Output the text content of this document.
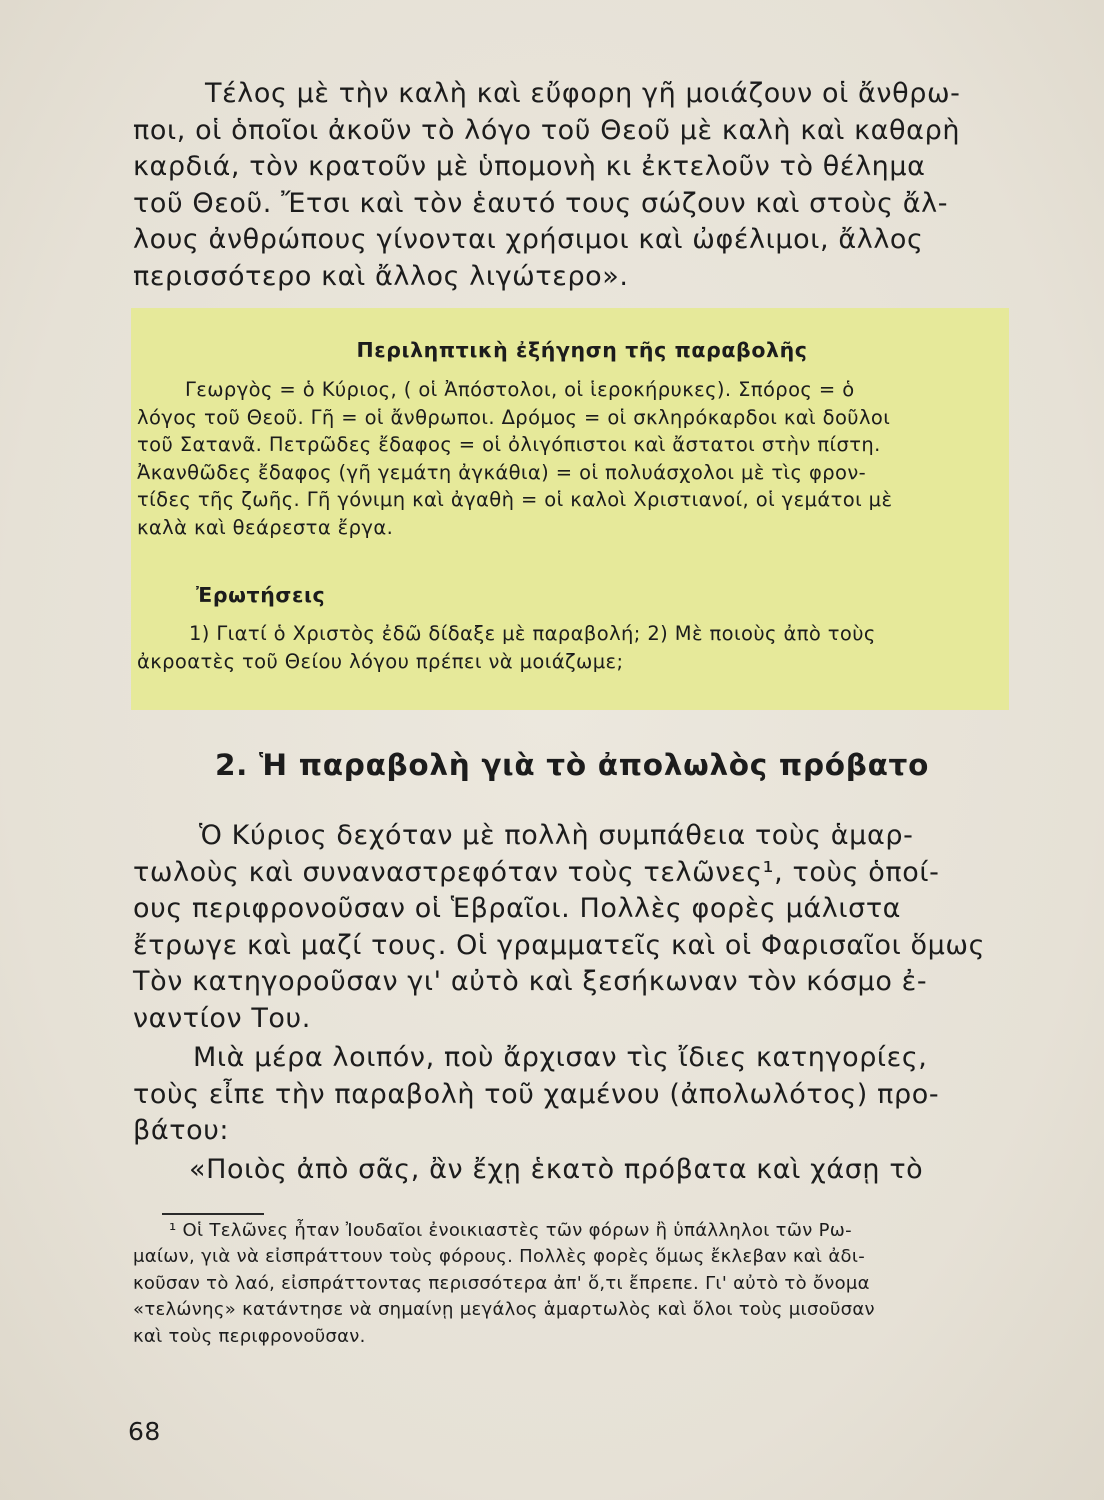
Τέλος μὲ τὴν καλὴ καὶ εὔφορη γῆ μοιάζουν οἱ ἄνθρω-
ποι, οἱ ὁποῖοι ἀκοῦν τὸ λόγο τοῦ Θεοῦ μὲ καλὴ καὶ καθαρὴ
καρδιά, τὸν κρατοῦν μὲ ὑπομονὴ κι ἐκτελοῦν τὸ θέλημα
τοῦ Θεοῦ. Ἔτσι καὶ τὸν ἑαυτό τους σώζουν καὶ στοὺς ἄλ-
λους ἀνθρώπους γίνονται χρήσιμοι καὶ ὠφέλιμοι, ἄλλος
περισσότερο καὶ ἄλλος λιγώτερο».
Περιληπτικὴ ἐξήγηση τῆς παραβολῆς
Γεωργὸς = ὁ Κύριος, ( οἱ Ἀπόστολοι, οἱ ἱεροκήρυκες). Σπόρος = ὁ
λόγος τοῦ Θεοῦ. Γῆ = οἱ ἄνθρωποι. Δρόμος = οἱ σκληρόκαρδοι καὶ δοῦλοι
τοῦ Σατανᾶ. Πετρῶδες ἔδαφος = οἱ ὀλιγόπιστοι καὶ ἄστατοι στὴν πίστη.
Ἀκανθῶδες ἔδαφος (γῆ γεμάτη ἀγκάθια) = οἱ πολυάσχολοι μὲ τὶς φρον-
τίδες τῆς ζωῆς. Γῆ γόνιμη καὶ ἀγαθὴ = οἱ καλοὶ Χριστιανοί, οἱ γεμάτοι μὲ
καλὰ καὶ θεάρεστα ἔργα.
Ἐρωτήσεις
1) Γιατί ὁ Χριστὸς ἐδῶ δίδαξε μὲ παραβολή; 2) Μὲ ποιοὺς ἀπὸ τοὺς
ἀκροατὲς τοῦ Θείου λόγου πρέπει νὰ μοιάζωμε;
2. Ἡ παραβολὴ γιὰ τὸ ἀπολωλὸς πρόβατο
Ὁ Κύριος δεχόταν μὲ πολλὴ συμπάθεια τοὺς ἁμαρ-
τωλοὺς καὶ συναναστρεφόταν τοὺς τελῶνες¹, τοὺς ὁποί-
ους περιφρονοῦσαν οἱ Ἑβραῖοι. Πολλὲς φορὲς μάλιστα
ἔτρωγε καὶ μαζί τους. Οἱ γραμματεῖς καὶ οἱ Φαρισαῖοι ὅμως
Τὸν κατηγοροῦσαν γι' αὐτὸ καὶ ξεσήκωναν τὸν κόσμο ἐ-
ναντίον Του.
Μιὰ μέρα λοιπόν, ποὺ ἄρχισαν τὶς ἴδιες κατηγορίες,
τοὺς εἶπε τὴν παραβολὴ τοῦ χαμένου (ἀπολωλότος) προ-
βάτου:
«Ποιὸς ἀπὸ σᾶς, ἂν ἔχῃ ἑκατὸ πρόβατα καὶ χάσῃ τὸ
¹ Οἱ Τελῶνες ἦταν Ἰουδαῖοι ἐνοικιαστὲς τῶν φόρων ἢ ὑπάλληλοι τῶν Ρω-
μαίων, γιὰ νὰ εἰσπράττουν τοὺς φόρους. Πολλὲς φορὲς ὅμως ἔκλεβαν καὶ ἀδι-
κοῦσαν τὸ λαό, εἰσπράττοντας περισσότερα ἀπ' ὅ,τι ἔπρεπε. Γι' αὐτὸ τὸ ὄνομα
«τελώνης» κατάντησε νὰ σημαίνῃ μεγάλος ἁμαρτωλὸς καὶ ὅλοι τοὺς μισοῦσαν
καὶ τοὺς περιφρονοῦσαν.
68
